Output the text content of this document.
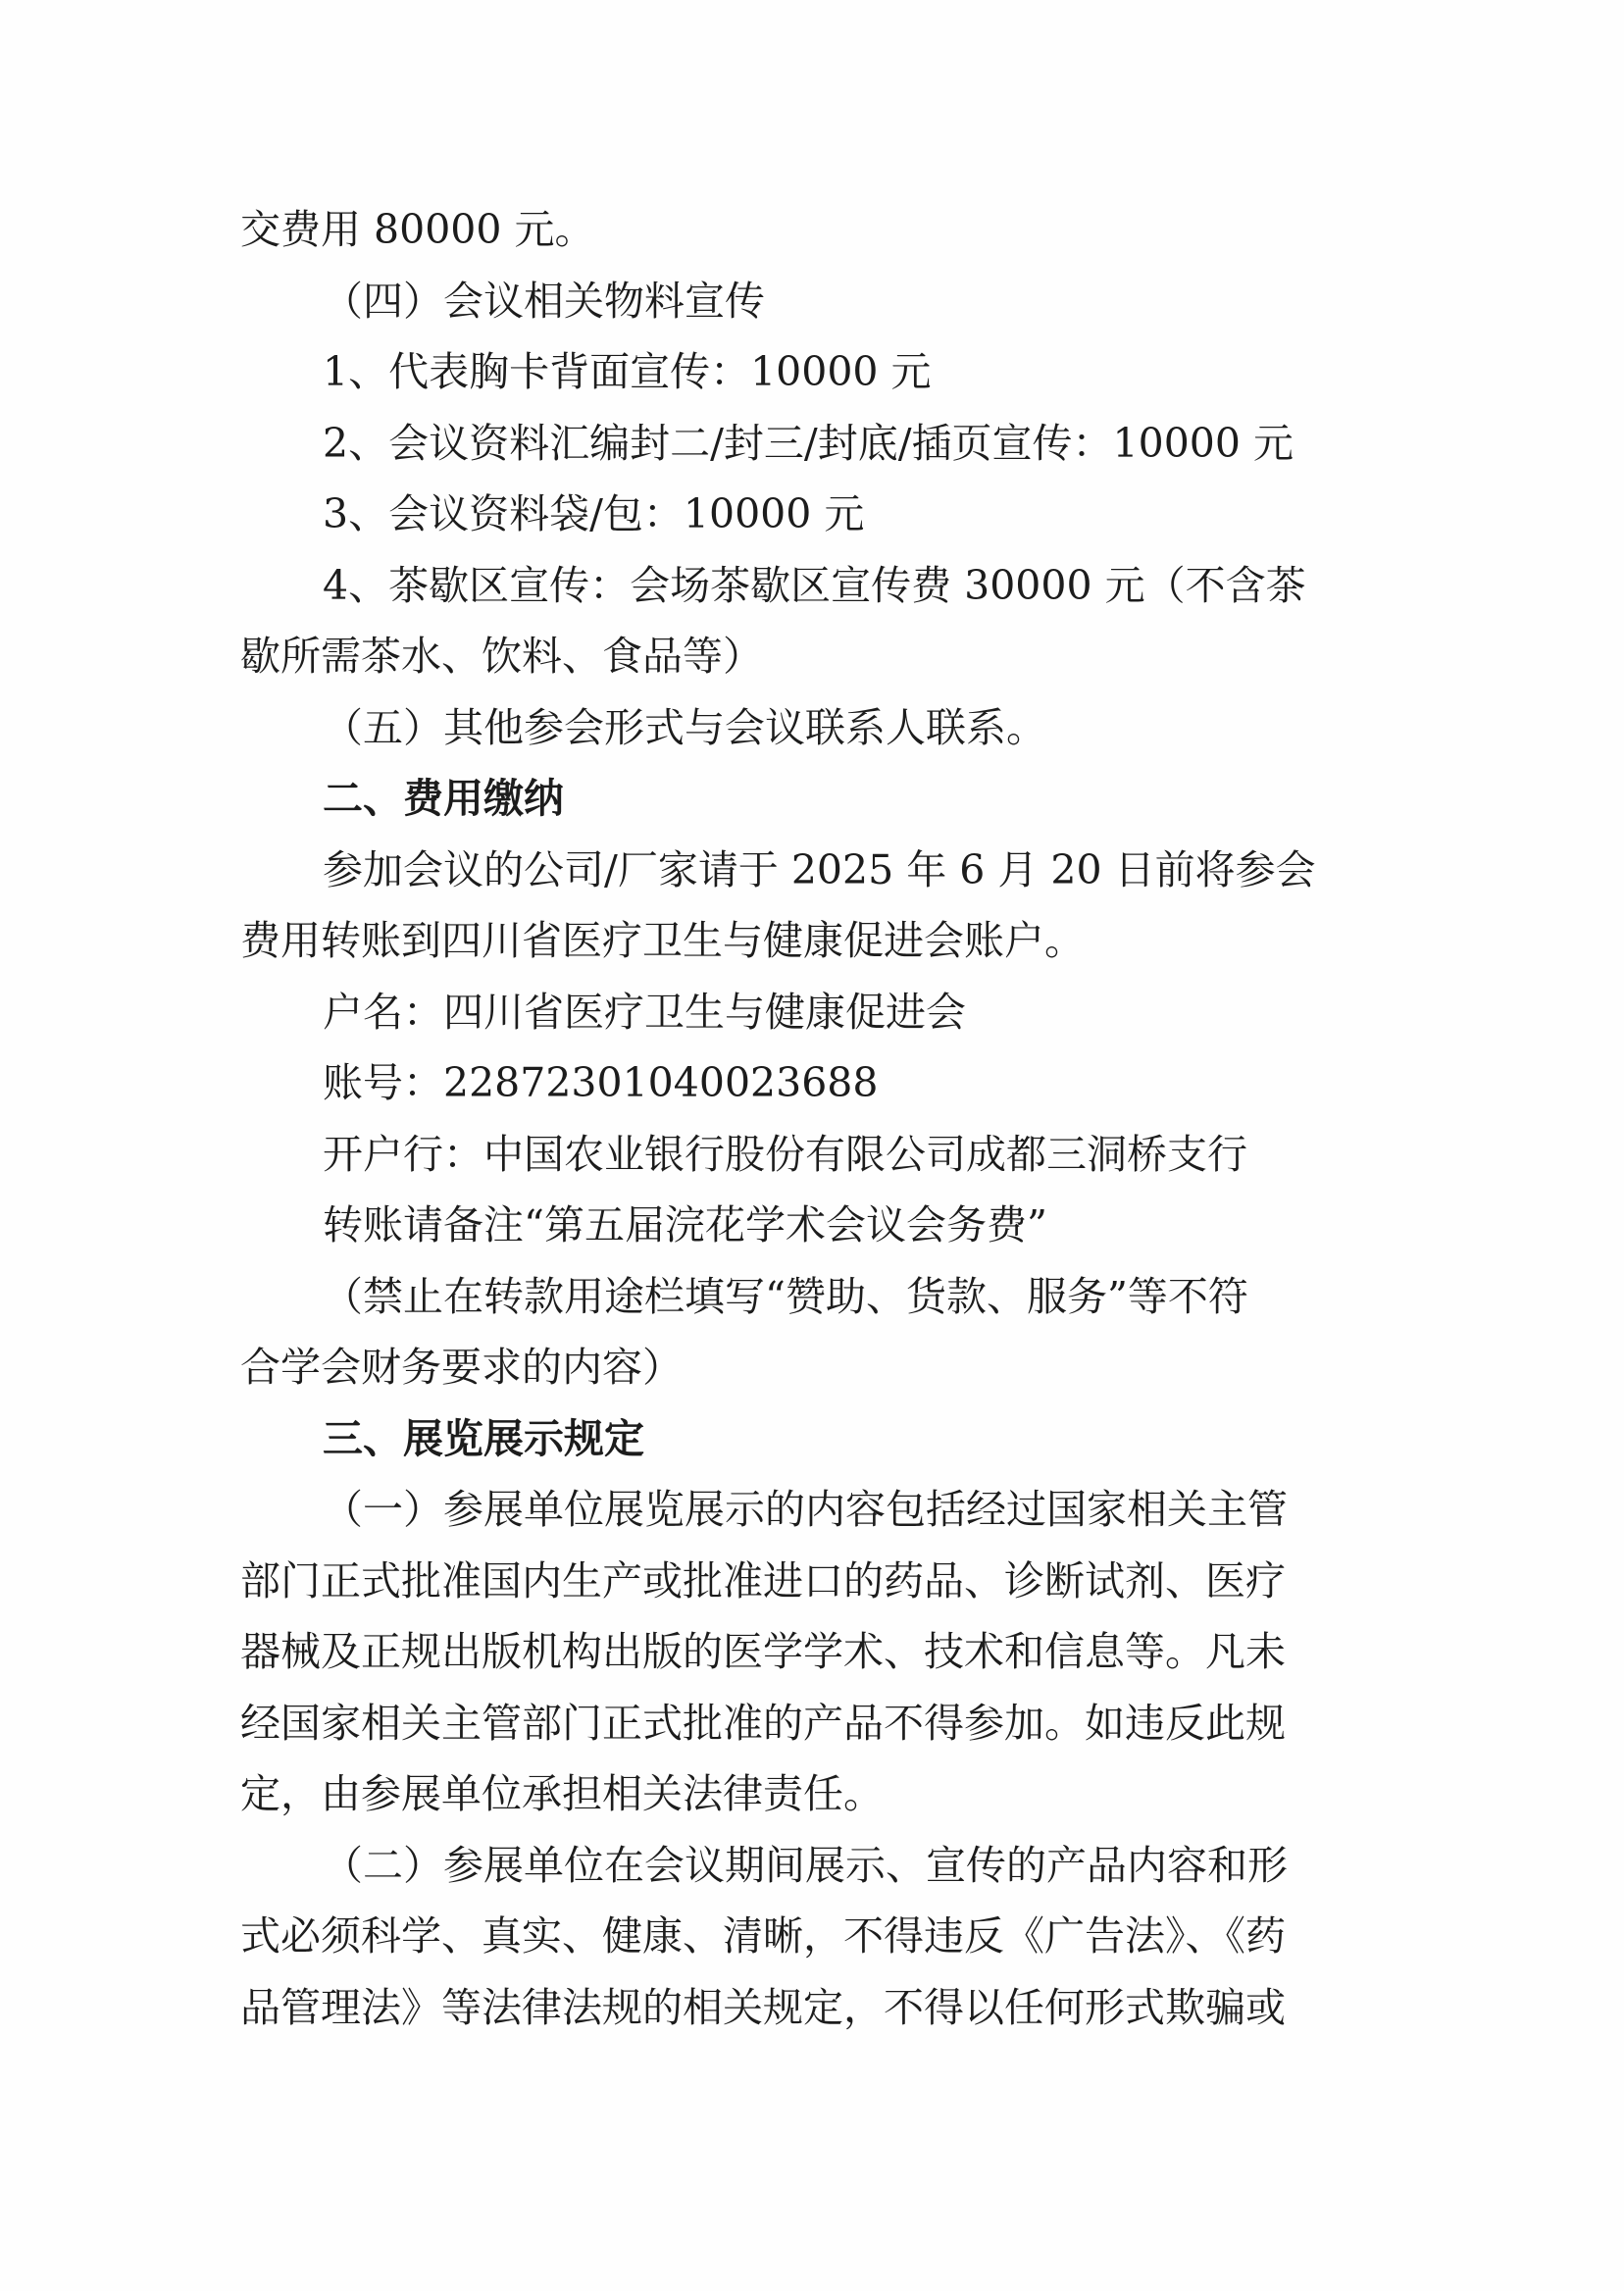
交费用 80000 元。

（四）会议相关物料宣传

1、代表胸卡背面宣传：10000 元

2、会议资料汇编封二/封三/封底/插页宣传：10000 元

3、会议资料袋/包：10000 元

4、茶歇区宣传：会场茶歇区宣传费 30000 元（不含茶

歇所需茶水、饮料、食品等）

（五）其他参会形式与会议联系人联系。

二、费用缴纳

参加会议的公司/厂家请于 2025 年 6 月 20 日前将参会

费用转账到四川省医疗卫生与健康促进会账户。

户名：四川省医疗卫生与健康促进会

账号：22872301040023688

开户行：中国农业银行股份有限公司成都三洞桥支行

转账请备注“第五届浣花学术会议会务费”

（禁止在转款用途栏填写“赞助、货款、服务”等不符

合学会财务要求的内容）

三、展览展示规定

（一）参展单位展览展示的内容包括经过国家相关主管

部门正式批准国内生产或批准进口的药品、诊断试剂、医疗

器械及正规出版机构出版的医学学术、技术和信息等。凡未

经国家相关主管部门正式批准的产品不得参加。如违反此规

定，由参展单位承担相关法律责任。

（二）参展单位在会议期间展示、宣传的产品内容和形

式必须科学、真实、健康、清晰，不得违反《广告法》、《药

品管理法》等法律法规的相关规定，不得以任何形式欺骗或
